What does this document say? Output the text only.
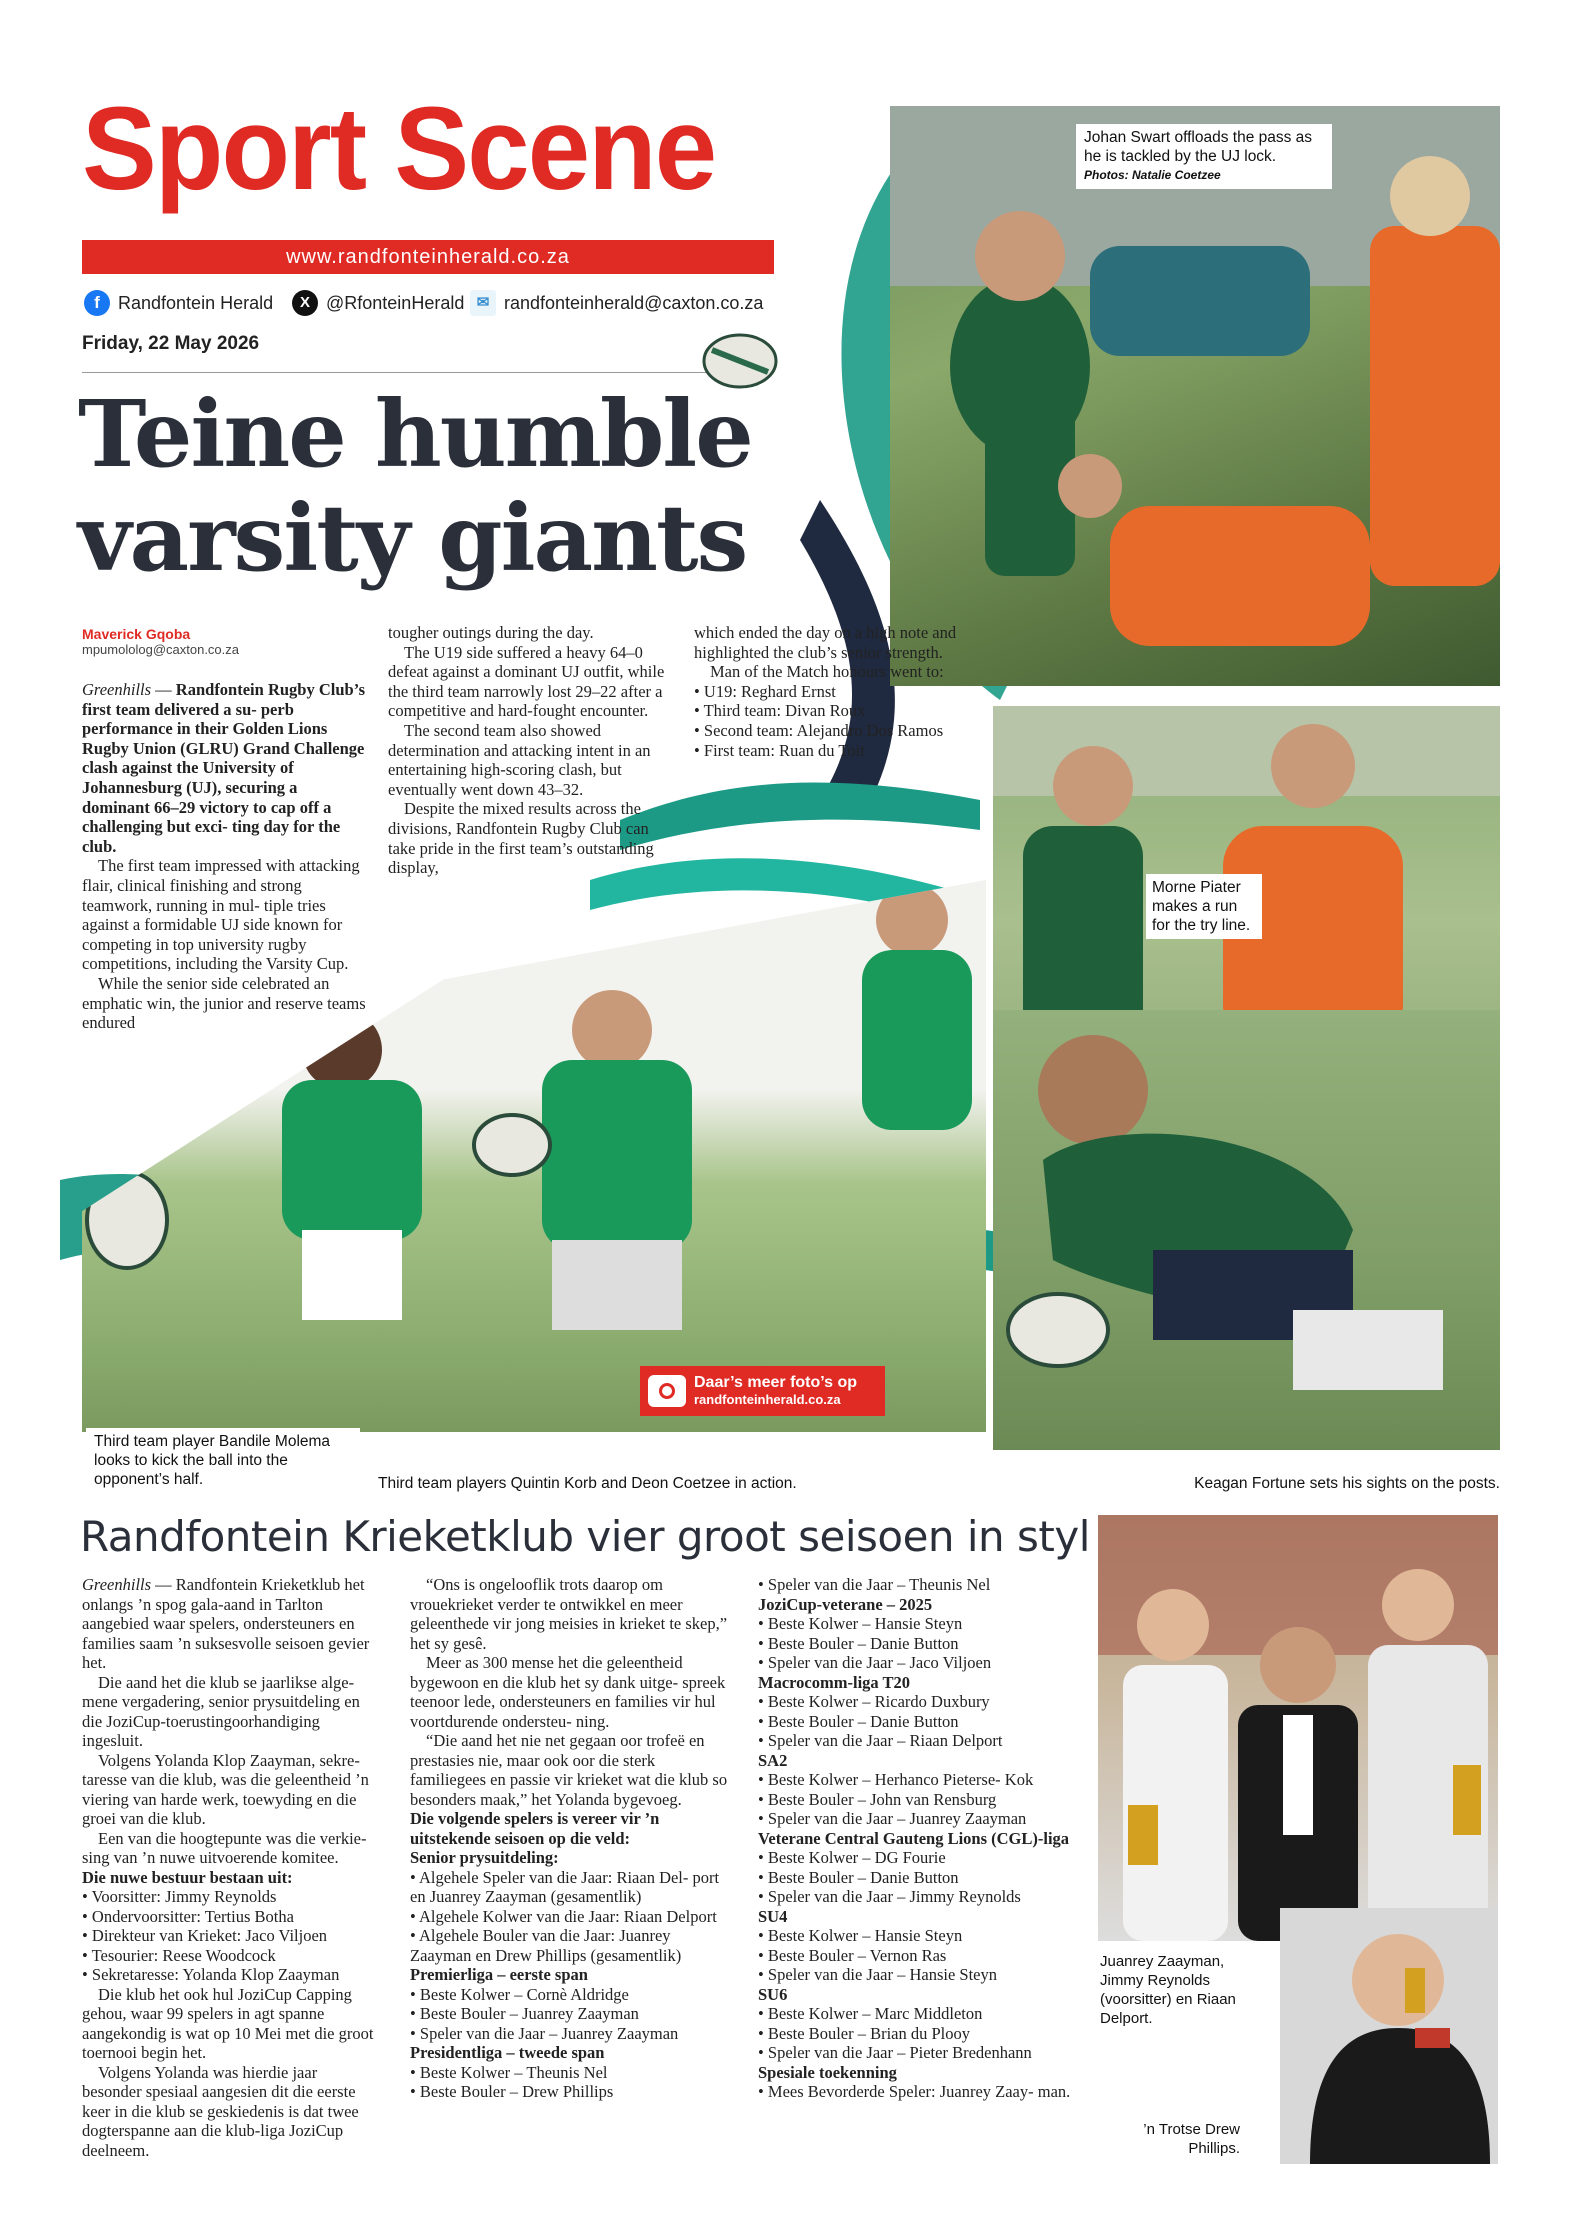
Sport Scene
www.randfonteinherald.co.za
f	Randfontein Herald	X @RfonteinHerald ✉ randfonteinherald@caxton.co.za
Friday, 22 May 2026
Johan Swart offloads the pass as he is tackled by the UJ lock.
Photos: Natalie Coetzee
Morne Piater makes a run for the try line.
Keagan Fortune sets his sights on the posts.
Third team player Bandile Molema looks to kick the ball into the opponent’s half.	Third team players Quintin Korb and Deon Coetzee in action.
Daar’s meer foto’s op
randfonteinherald.co.za
Teine humble
varsity giants
Maverick Gqoba
mpumololog@caxton.co.za

Greenhills — Randfontein Rugby Club’s first team delivered a su- perb performance in their Golden Lions Rugby Union (GLRU) Grand Challenge clash against the University of Johannesburg (UJ), securing a dominant 66–29 victory to cap off a challenging but exci- ting day for the club.

The first team impressed with attacking flair, clinical finishing and strong teamwork, running in mul- tiple tries against a formidable UJ side known for competing in top university rugby competitions, including the Varsity Cup.

While the senior side celebrated an emphatic win, the junior and reserve teams endured

tougher outings during the day.

The U19 side suffered a heavy 64–0 defeat against a dominant UJ outfit, while the third team narrowly lost 29–22 after a competitive and hard-fought encounter.

The second team also showed determination and attacking intent in an entertaining high-scoring clash, but eventually went down 43–32.

Despite the mixed results across the divisions, Randfontein Rugby Club can take pride in the first team’s outstanding display,

which ended the day on a high note and highlighted the club’s senior strength.

Man of the Match honours went to:

• U19: Reghard Ernst

• Third team: Divan Roux

• Second team: Alejandro Dos Ramos

• First team: Ruan du Toit

Randfontein Krieketklub vier groot seisoen in styl

Greenhills — Randfontein Krieketklub het onlangs ’n spog gala-aand in Tarlton aangebied waar spelers, ondersteuners en families saam ’n suksesvolle seisoen gevier het.

Die aand het die klub se jaarlikse alge- mene vergadering, senior prysuitdeling en die JoziCup-toerustingoorhandiging ingesluit.

Volgens Yolanda Klop Zaayman, sekre- taresse van die klub, was die geleentheid ’n viering van harde werk, toewyding en die groei van die klub.

Een van die hoogtepunte was die verkie- sing van ’n nuwe uitvoerende komitee.

Die nuwe bestuur bestaan uit:

• Voorsitter: Jimmy Reynolds

• Ondervoorsitter: Tertius Botha

• Direkteur van Krieket: Jaco Viljoen

• Tesourier: Reese Woodcock

• Sekretaresse: Yolanda Klop Zaayman

Die klub het ook hul JoziCup Capping gehou, waar 99 spelers in agt spanne aangekondig is wat op 10 Mei met die groot toernooi begin het.

Volgens Yolanda was hierdie jaar besonder spesiaal aangesien dit die eerste keer in die klub se geskiedenis is dat twee dogterspanne aan die klub-liga JoziCup deelneem.

“Ons is ongelooflik trots daarop om vrouekrieket verder te ontwikkel en meer geleenthede vir jong meisies in krieket te skep,” het sy gesê.

Meer as 300 mense het die geleentheid bygewoon en die klub het sy dank uitge- spreek teenoor lede, ondersteuners en families vir hul voortdurende ondersteu- ning.

“Die aand het nie net gegaan oor trofeë en prestasies nie, maar ook oor die sterk familiegees en passie vir krieket wat die klub so besonders maak,” het Yolanda bygevoeg.

Die volgende spelers is vereer vir ’n uitstekende seisoen op die veld:

Senior prysuitdeling:

• Algehele Speler van die Jaar: Riaan Del- port en Juanrey Zaayman (gesamentlik)

• Algehele Kolwer van die Jaar: Riaan Delport

• Algehele Bouler van die Jaar: Juanrey Zaayman en Drew Phillips (gesamentlik)

Premierliga – eerste span

• Beste Kolwer – Cornè Aldridge

• Beste Bouler – Juanrey Zaayman

• Speler van die Jaar – Juanrey Zaayman

Presidentliga – tweede span

• Beste Kolwer – Theunis Nel

• Beste Bouler – Drew Phillips

• Speler van die Jaar – Theunis Nel

JoziCup-veterane – 2025

• Beste Kolwer – Hansie Steyn

• Beste Bouler – Danie Button

• Speler van die Jaar – Jaco Viljoen

Macrocomm-liga T20

• Beste Kolwer – Ricardo Duxbury

• Beste Bouler – Danie Button

• Speler van die Jaar – Riaan Delport

SA2

• Beste Kolwer – Herhanco Pieterse- Kok

• Beste Bouler – John van Rensburg

• Speler van die Jaar – Juanrey Zaayman

Veterane Central Gauteng Lions (CGL)-liga

• Beste Kolwer – DG Fourie

• Beste Bouler – Danie Button

• Speler van die Jaar – Jimmy Reynolds

SU4

• Beste Kolwer – Hansie Steyn

• Beste Bouler – Vernon Ras

• Speler van die Jaar – Hansie Steyn

SU6

• Beste Kolwer – Marc Middleton

• Beste Bouler – Brian du Plooy

• Speler van die Jaar – Pieter Bredenhann

Spesiale toekenning

• Mees Bevorderde Speler: Juanrey Zaay- man.

Juanrey Zaayman, Jimmy Reynolds (voorsitter) en Riaan Delport.
’n Trotse Drew Phillips.
